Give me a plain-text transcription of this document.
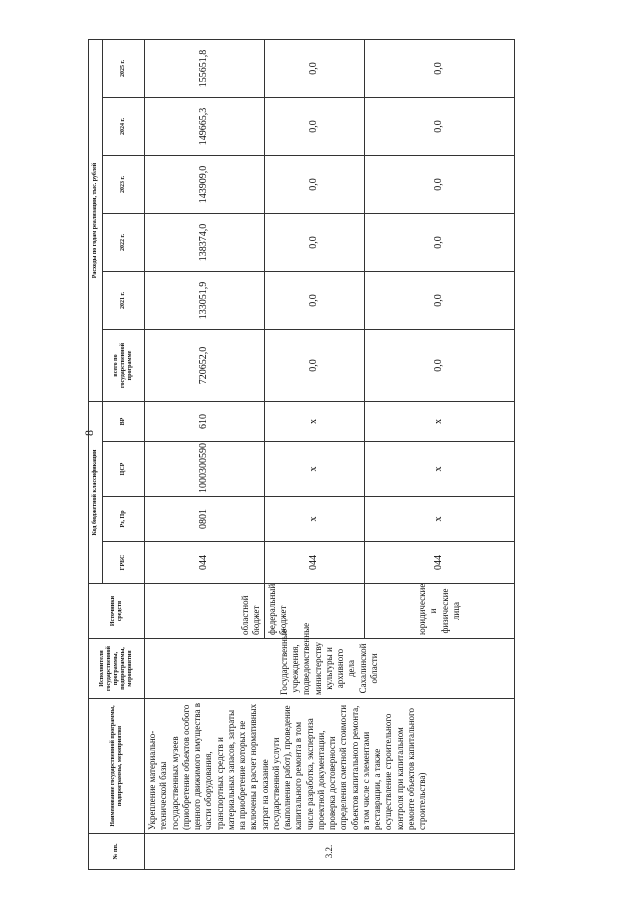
8
№ пп.	Наименование государственной программы, подпрограммы, мероприятия	Исполнители государственной программы, подпрограммы, мероприятия	Источники средств	Код бюджетной классификации				Расходы по годам реализации, тыс. рублей					
				ГРБС	Рз, Пр	ЦСР	ВР	всего по государственной программе	2021 г.	2022 г.	2023 г.	2024 г.	2025 г.
3.2.	Укрепление материально-технической базы государственных музеев (приобретение объектов особого ценного движимого имущества в части оборудования, транспортных средств и материальных запасов, затраты на приобретение которых не включены в расчет нормативных затрат на оказание государственной услуги (выполнение работ), проведение капитального ремонта в том числе разработка, экспертиза проектной документации, проверка достоверности определения сметной стоимости объектов капитального ремонта, в том числе с элементами реставрации, а также осуществление строительного контроля при капитальном ремонте объектов капитального строительства)	Государственные учреждения, подведомственные министерству культуры и архивного дела Сахалинской области	областной бюджет	044	0801	1000300590	610	720652,0	133051,9	138374,0	143909,0	149665,3	155651,8
			федеральный бюджет	044	х	х	х	0,0	0,0	0,0	0,0	0,0	0,0
			юридические и физические лица	044	х	х	х	0,0	0,0	0,0	0,0	0,0	0,0
